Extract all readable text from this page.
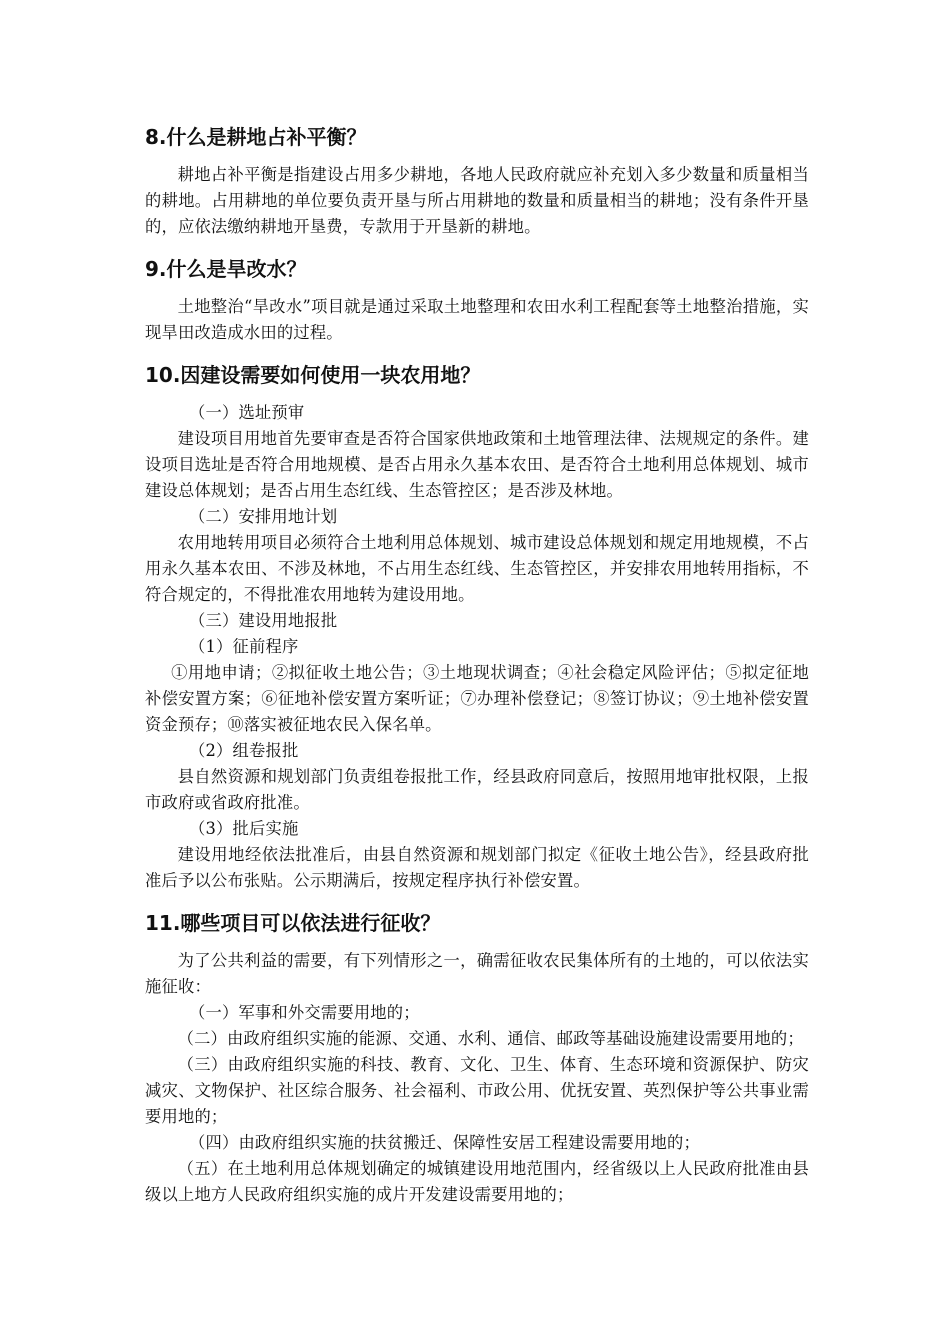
8.什么是耕地占补平衡？

耕地占补平衡是指建设占用多少耕地，各地人民政府就应补充划入多少数量和质量相当的耕地。占用耕地的单位要负责开垦与所占用耕地的数量和质量相当的耕地；没有条件开垦的，应依法缴纳耕地开垦费，专款用于开垦新的耕地。

9.什么是旱改水？

土地整治“旱改水”项目就是通过采取土地整理和农田水利工程配套等土地整治措施，实现旱田改造成水田的过程。

10.因建设需要如何使用一块农用地？

（一）选址预审

建设项目用地首先要审查是否符合国家供地政策和土地管理法律、法规规定的条件。建设项目选址是否符合用地规模、是否占用永久基本农田、是否符合土地利用总体规划、城市建设总体规划；是否占用生态红线、生态管控区；是否涉及林地。

（二）安排用地计划

农用地转用项目必须符合土地利用总体规划、城市建设总体规划和规定用地规模，不占用永久基本农田、不涉及林地，不占用生态红线、生态管控区，并安排农用地转用指标，不符合规定的，不得批准农用地转为建设用地。

（三）建设用地报批

（1）征前程序

①用地申请；②拟征收土地公告；③土地现状调查；④社会稳定风险评估；⑤拟定征地补偿安置方案；⑥征地补偿安置方案听证；⑦办理补偿登记；⑧签订协议；⑨土地补偿安置资金预存；⑩落实被征地农民入保名单。

（2）组卷报批

县自然资源和规划部门负责组卷报批工作，经县政府同意后，按照用地审批权限，上报市政府或省政府批准。

（3）批后实施

建设用地经依法批准后，由县自然资源和规划部门拟定《征收土地公告》，经县政府批准后予以公布张贴。公示期满后，按规定程序执行补偿安置。

11.哪些项目可以依法进行征收？

为了公共利益的需要，有下列情形之一，确需征收农民集体所有的土地的，可以依法实施征收：

（一）军事和外交需要用地的；

（二）由政府组织实施的能源、交通、水利、通信、邮政等基础设施建设需要用地的；

（三）由政府组织实施的科技、教育、文化、卫生、体育、生态环境和资源保护、防灾减灾、文物保护、社区综合服务、社会福利、市政公用、优抚安置、英烈保护等公共事业需要用地的；

（四）由政府组织实施的扶贫搬迁、保障性安居工程建设需要用地的；

（五）在土地利用总体规划确定的城镇建设用地范围内，经省级以上人民政府批准由县级以上地方人民政府组织实施的成片开发建设需要用地的；
